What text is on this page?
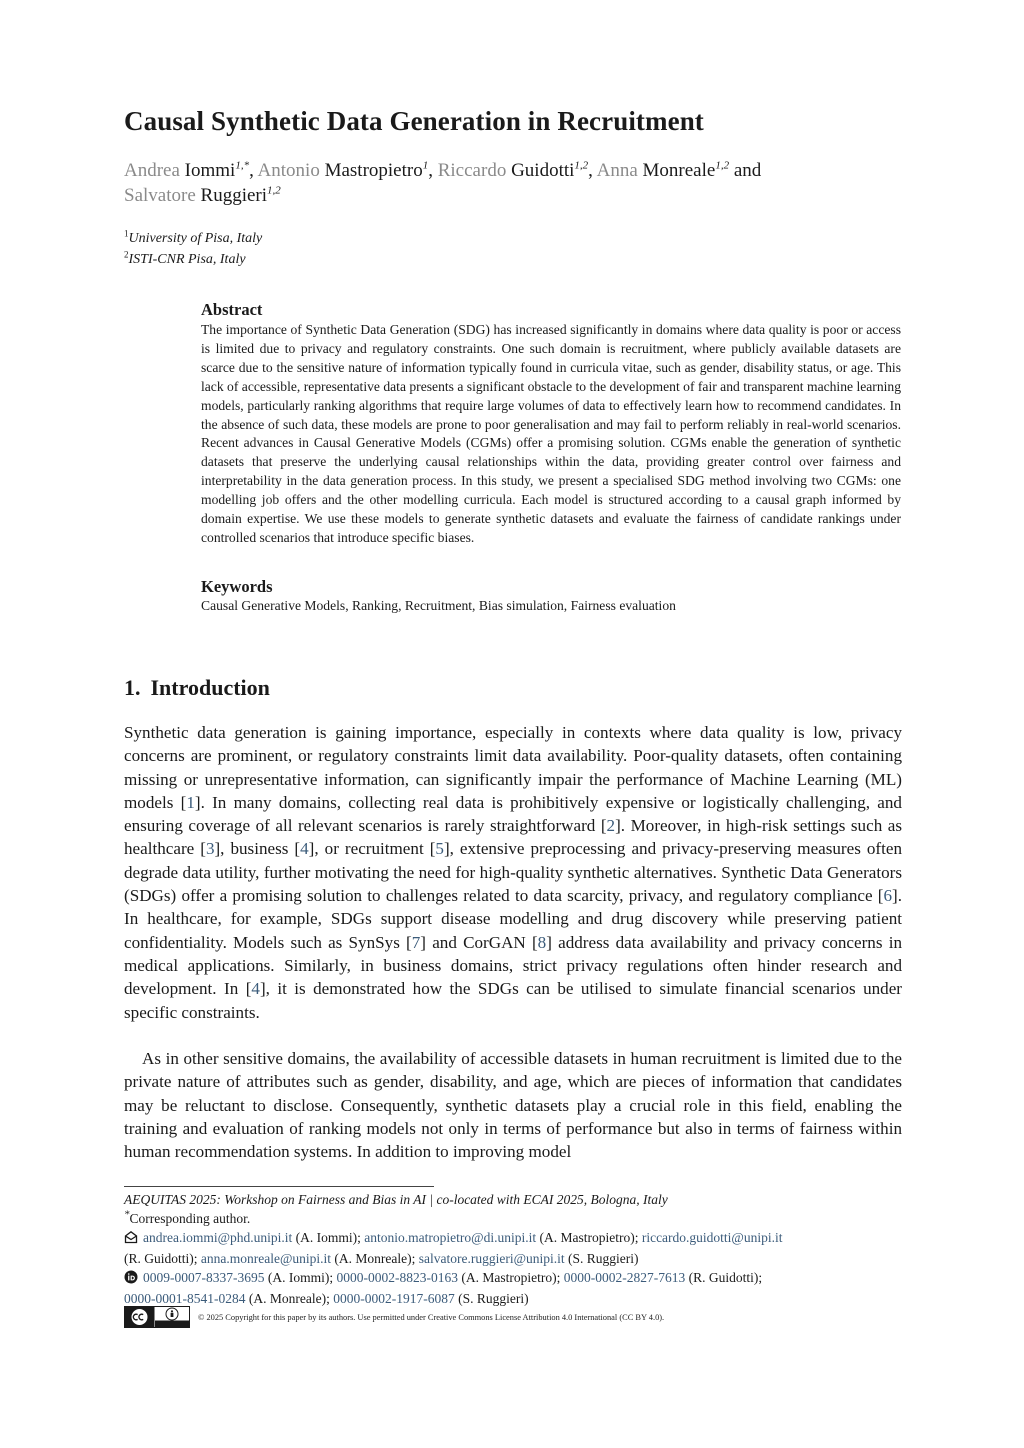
Causal Synthetic Data Generation in Recruitment
Andrea Iommi$^{1,*}$, Antonio Mastropietro$^1$, Riccardo Guidotti$^{1,2}$, Anna Monreale$^{1,2}$ and
Salvatore Ruggieri$^{1,2}$
$^1$University of Pisa, Italy
$^2$ISTI-CNR Pisa, Italy
Abstract

The importance of Synthetic Data Generation (SDG) has increased significantly in domains where data quality is poor or access is limited due to privacy and regulatory constraints. One such domain is recruitment, where publicly available datasets are scarce due to the sensitive nature of information typically found in curricula vitae, such as gender, disability status, or age. This lack of accessible, representative data presents a significant obstacle to the development of fair and transparent machine learning models, particularly ranking algorithms that require large volumes of data to effectively learn how to recommend candidates. In the absence of such data, these models are prone to poor generalisation and may fail to perform reliably in real-world scenarios. Recent advances in Causal Generative Models (CGMs) offer a promising solution. CGMs enable the generation of synthetic datasets that preserve the underlying causal relationships within the data, providing greater control over fairness and interpretability in the data generation process. In this study, we present a specialised SDG method involving two CGMs: one modelling job offers and the other modelling curricula. Each model is structured according to a causal graph informed by domain expertise. We use these models to generate synthetic datasets and evaluate the fairness of candidate rankings under controlled scenarios that introduce specific biases.

Keywords

Causal Generative Models, Ranking, Recruitment, Bias simulation, Fairness evaluation

1. Introduction

Synthetic data generation is gaining importance, especially in contexts where data quality is low, privacy concerns are prominent, or regulatory constraints limit data availability. Poor-quality datasets, often containing missing or unrepresentative information, can significantly impair the performance of Machine Learning (ML) models [1]. In many domains, collecting real data is prohibitively expensive or logistically challenging, and ensuring coverage of all relevant scenarios is rarely straightforward [2]. Moreover, in high-risk settings such as healthcare [3], business [4], or recruitment [5], extensive preprocessing and privacy-preserving measures often degrade data utility, further motivating the need for high-quality synthetic alternatives. Synthetic Data Generators (SDGs) offer a promising solution to challenges related to data scarcity, privacy, and regulatory compliance [6]. In healthcare, for example, SDGs support disease modelling and drug discovery while preserving patient confidentiality. Models such as SynSys [7] and CorGAN [8] address data availability and privacy concerns in medical applications. Similarly, in business domains, strict privacy regulations often hinder research and development. In [4], it is demonstrated how the SDGs can be utilised to simulate financial scenarios under specific constraints.

As in other sensitive domains, the availability of accessible datasets in human recruitment is limited due to the private nature of attributes such as gender, disability, and age, which are pieces of information that candidates may be reluctant to disclose. Consequently, synthetic datasets play a crucial role in this field, enabling the training and evaluation of ranking models not only in terms of performance but also in terms of fairness within human recommendation systems. In addition to improving model

AEQUITAS 2025: Workshop on Fairness and Bias in AI | co-located with ECAI 2025, Bologna, Italy
*Corresponding author.
andrea.iommi@phd.unipi.it (A. Iommi); antonio.matropietro@di.unipi.it (A. Mastropietro); riccardo.guidotti@unipi.it
(R. Guidotti); anna.monreale@unipi.it (A. Monreale); salvatore.ruggieri@unipi.it (S. Ruggieri)
0009-0007-8337-3695 (A. Iommi); 0000-0002-8823-0163 (A. Mastropietro); 0000-0002-2827-7613 (R. Guidotti);
0000-0001-8541-0284 (A. Monreale); 0000-0002-1917-6087 (S. Ruggieri)
© 2025 Copyright for this paper by its authors. Use permitted under Creative Commons License Attribution 4.0 International (CC BY 4.0).
